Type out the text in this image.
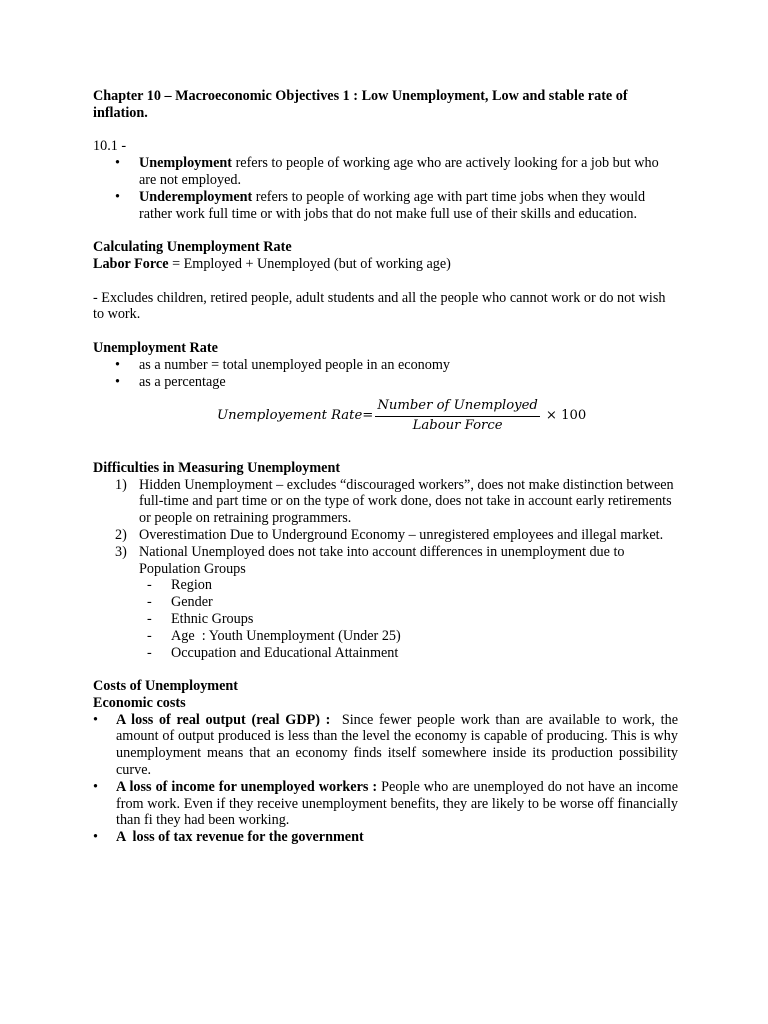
Chapter 10 – Macroeconomic Objectives 1 : Low Unemployment, Low and stable rate of inflation.

10.1 -

• Unemployment refers to people of working age who are actively looking for a job but who are not employed.
• Underemployment refers to people of working age with part time jobs when they would rather work full time or with jobs that do not make full use of their skills and education.

Calculating Unemployment Rate

Labor Force = Employed + Unemployed (but of working age)

- Excludes children, retired people, adult students and all the people who cannot work or do not wish to work.

Unemployment Rate

• as a number = total unemployed people in an economy
• as a percentage
Unemployement Rate = $\frac{\text{Number of Unemployed}}{\text{Labour Force}} \times 100$

Difficulties in Measuring Unemployment

1) Hidden Unemployment – excludes “discouraged workers”, does not make distinction between full-time and part time or on the type of work done, does not take in account early retirements or people on retraining programmers.
2) Overestimation Due to Underground Economy – unregistered employees and illegal market.
3) National Unemployed does not take into account differences in unemployment due to Population Groups
- Region
- Gender
- Ethnic Groups
- Age  : Youth Unemployment (Under 25)
- Occupation and Educational Attainment

Costs of Unemployment

Economic costs

• A loss of real output (real GDP) :  Since fewer people work than are available to work, the amount of output produced is less than the level the economy is capable of producing. This is why unemployment means that an economy finds itself somewhere inside its production possibility curve.
• A loss of income for unemployed workers : People who are unemployed do not have an income from work. Even if they receive unemployment benefits, they are likely to be worse off financially than fi they had been working.
• A  loss of tax revenue for the government
